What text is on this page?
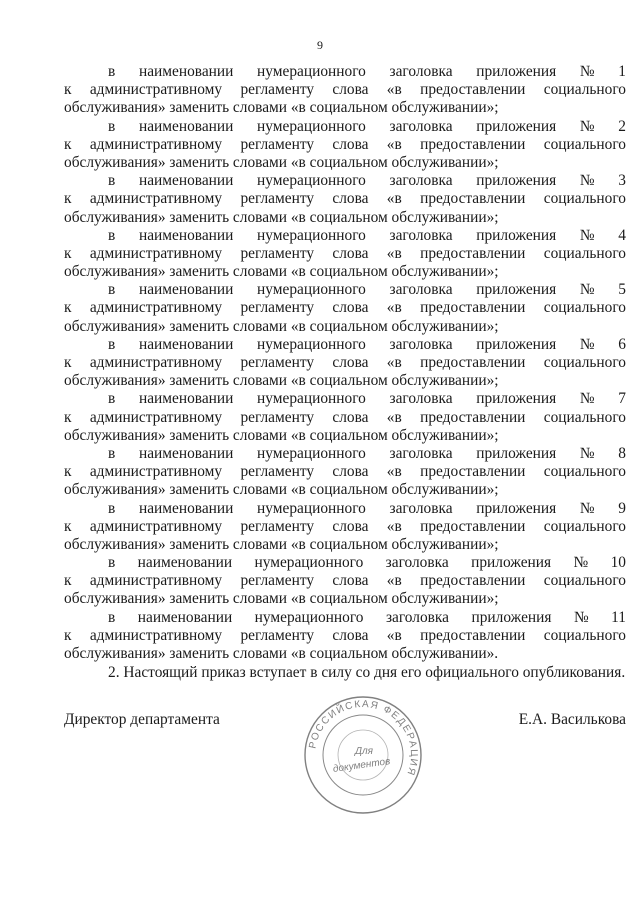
9
в наименовании нумерационного заголовка приложения № 1
к административному регламенту слова «в предоставлении социального
обслуживания» заменить словами «в социальном обслуживании»;
в наименовании нумерационного заголовка приложения № 2
к административному регламенту слова «в предоставлении социального
обслуживания» заменить словами «в социальном обслуживании»;
в наименовании нумерационного заголовка приложения № 3
к административному регламенту слова «в предоставлении социального
обслуживания» заменить словами «в социальном обслуживании»;
в наименовании нумерационного заголовка приложения № 4
к административному регламенту слова «в предоставлении социального
обслуживания» заменить словами «в социальном обслуживании»;
в наименовании нумерационного заголовка приложения № 5
к административному регламенту слова «в предоставлении социального
обслуживания» заменить словами «в социальном обслуживании»;
в наименовании нумерационного заголовка приложения № 6
к административному регламенту слова «в предоставлении социального
обслуживания» заменить словами «в социальном обслуживании»;
в наименовании нумерационного заголовка приложения № 7
к административному регламенту слова «в предоставлении социального
обслуживания» заменить словами «в социальном обслуживании»;
в наименовании нумерационного заголовка приложения № 8
к административному регламенту слова «в предоставлении социального
обслуживания» заменить словами «в социальном обслуживании»;
в наименовании нумерационного заголовка приложения № 9
к административному регламенту слова «в предоставлении социального
обслуживания» заменить словами «в социальном обслуживании»;
в наименовании нумерационного заголовка приложения № 10
к административному регламенту слова «в предоставлении социального
обслуживания» заменить словами «в социальном обслуживании»;
в наименовании нумерационного заголовка приложения № 11
к административному регламенту слова «в предоставлении социального
обслуживания» заменить словами «в социальном обслуживании».
2. Настоящий приказ вступает в силу со дня его официального опубликования.
Директор департамента	Е.А. Василькова
РОССИЙСКАЯ ФЕДЕРАЦИЯ
Для
документов
